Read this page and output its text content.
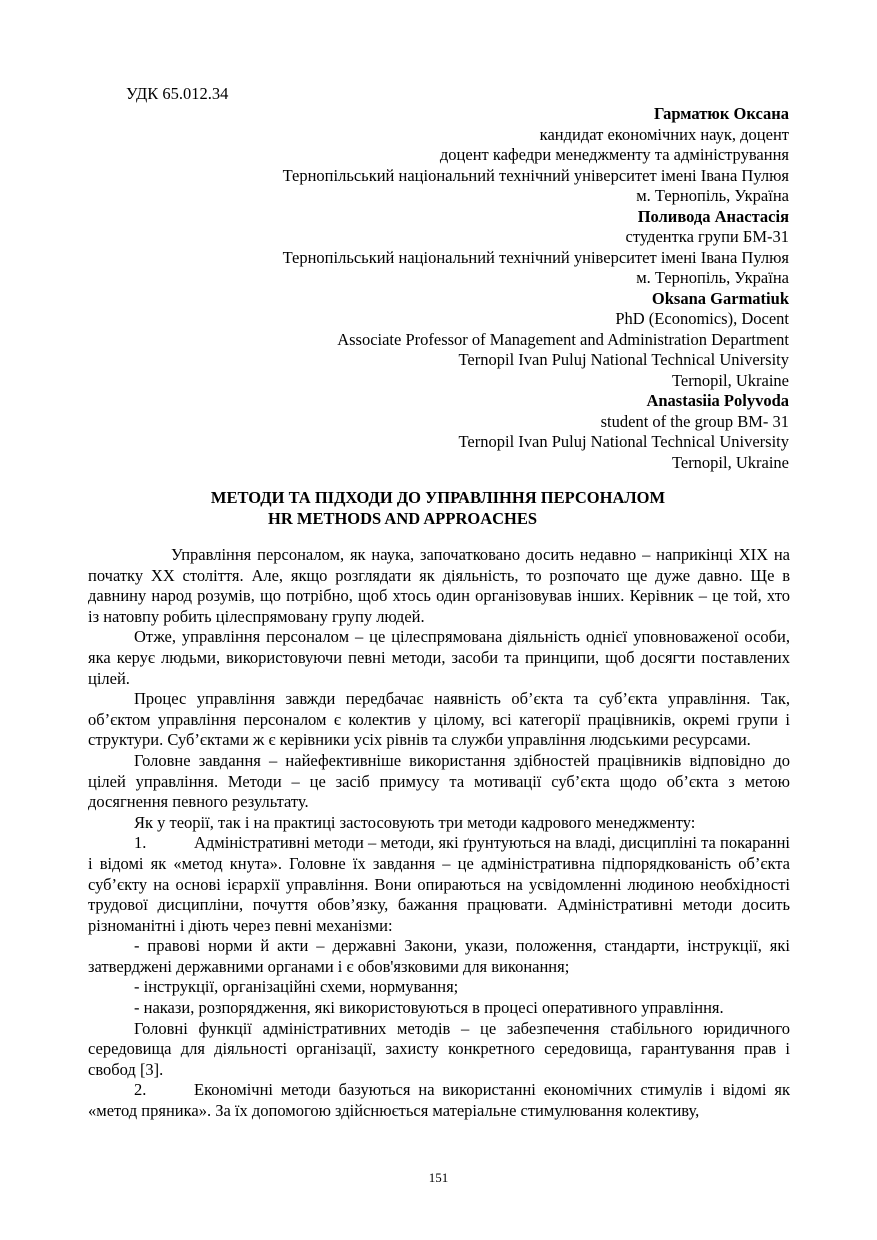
УДК 65.012.34
Гарматюк Оксана
кандидат економічних наук, доцент
доцент кафедри менеджменту та адміністрування
Тернопільський національний технічний університет імені Івана Пулюя
м. Тернопіль, Україна
Поливода Анастасія
студентка групи БМ-31
Тернопільський національний технічний університет імені Івана Пулюя
м. Тернопіль, Україна
Oksana Garmatiuk
PhD (Economics), Docent
Associate Professor of Management and Administration Department
Ternopil Ivan Puluj National Technical University
Ternopil, Ukraine
Anastasiia Polyvoda
student of the group BM- 31
Ternopil Ivan Puluj National Technical University
Ternopil, Ukraine
МЕТОДИ ТА ПІДХОДИ ДО УПРАВЛІННЯ ПЕРСОНАЛОМ
HR METHODS AND APPROACHES

Управління персоналом, як наука, започатковано досить недавно – наприкінці XIX на початку XX століття. Але, якщо розглядати як діяльність, то розпочато ще дуже давно. Ще в давнину народ розумів, що потрібно, щоб хтось один організовував інших. Керівник – це той, хто із натовпу робить цілеспрямовану групу людей.

Отже, управління персоналом – це цілеспрямована діяльність однієї уповноваженої особи, яка керує людьми, використовуючи певні методи, засоби та принципи, щоб досягти поставлених цілей.

Процес управління завжди передбачає наявність об’єкта та суб’єкта управління. Так, об’єктом управління персоналом є колектив у цілому, всі категорії працівників, окремі групи і структури. Суб’єктами ж є керівники усіх рівнів та служби управління людськими ресурсами.

Головне завдання – найефективніше використання здібностей працівників відповідно до цілей управління. Методи – це засіб примусу та мотивації суб’єкта щодо об’єкта з метою досягнення певного результату.

Як у теорії, так і на практиці застосовують три методи кадрового менеджменту:

1.	Адміністративні методи – методи, які ґрунтуються на владі, дисципліні та покаранні і відомі як «метод кнута». Головне їх завдання – це адміністративна підпорядкованість об’єкта суб’єкту на основі ієрархії управління. Вони опираються на усвідомленні людиною необхідності трудової дисципліни, почуття обов’язку, бажання працювати. Адміністративні методи досить різноманітні і діють через певні механізми:

- правові норми й акти – державні Закони, укази, положення, стандарти, інструкції, які затверджені державними органами і є обов'язковими для виконання;

- інструкції, організаційні схеми, нормування;

- накази, розпорядження, які використовуються в процесі оперативного управління.

Головні функції адміністративних методів – це забезпечення стабільного юридичного середовища для діяльності організації, захисту конкретного середовища, гарантування прав і свобод [3].

2.	Економічні методи базуються на використанні економічних стимулів і відомі як «метод пряника». За їх допомогою здійснюється матеріальне стимулювання колективу,

151
